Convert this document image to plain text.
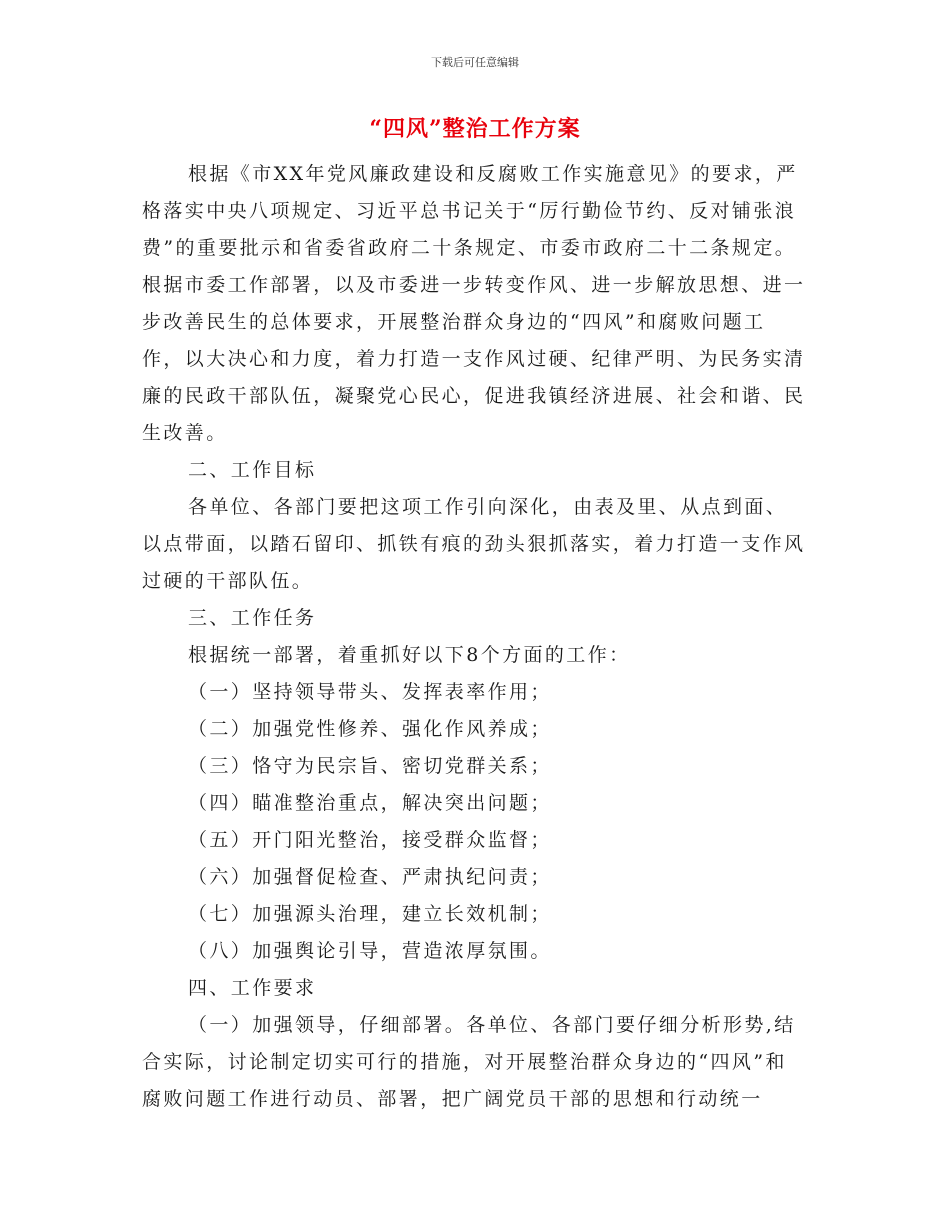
下载后可任意编辑
“四风”整治工作方案

根据《市XX年党风廉政建设和反腐败工作实施意见》的要求，严格落实中央八项规定、习近平总书记关于“厉行勤俭节约、反对铺张浪费”的重要批示和省委省政府二十条规定、市委市政府二十二条规定。根据市委工作部署，以及市委进一步转变作风、进一步解放思想、进一步改善民生的总体要求，开展整治群众身边的“四风”和腐败问题工作，以大决心和力度，着力打造一支作风过硬、纪律严明、为民务实清廉的民政干部队伍，凝聚党心民心，促进我镇经济进展、社会和谐、民生改善。

二、工作目标

各单位、各部门要把这项工作引向深化，由表及里、从点到面、以点带面，以踏石留印、抓铁有痕的劲头狠抓落实，着力打造一支作风过硬的干部队伍。

三、工作任务

根据统一部署，着重抓好以下8个方面的工作：

（一）坚持领导带头、发挥表率作用；

（二）加强党性修养、强化作风养成；

（三）恪守为民宗旨、密切党群关系；

（四）瞄准整治重点，解决突出问题；

（五）开门阳光整治，接受群众监督；

（六）加强督促检查、严肃执纪问责；

（七）加强源头治理，建立长效机制；

（八）加强舆论引导，营造浓厚氛围。

四、工作要求

（一）加强领导，仔细部署。各单位、各部门要仔细分析形势,结合实际，讨论制定切实可行的措施，对开展整治群众身边的“四风”和腐败问题工作进行动员、部署，把广阔党员干部的思想和行动统一
